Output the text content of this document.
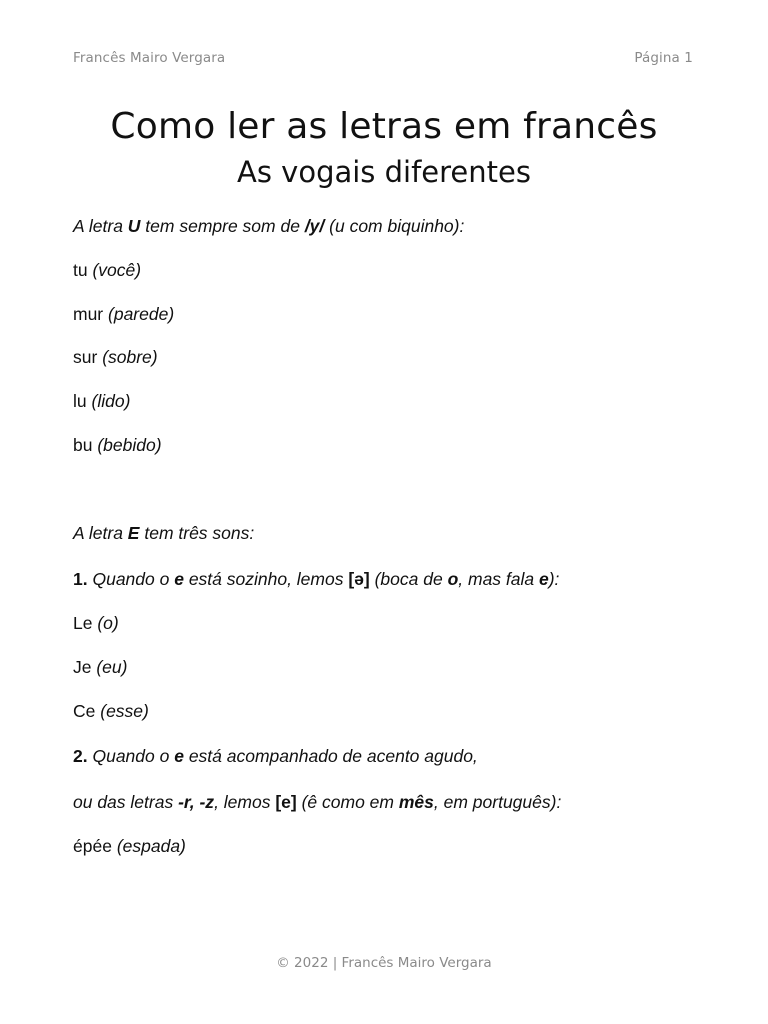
Francês Mairo Vergara	Página 1
Como ler as letras em francês
As vogais diferentes

A letra U tem sempre som de /y/ (u com biquinho):

tu (você)

mur (parede)

sur (sobre)

lu (lido)

bu (bebido)

A letra E tem três sons:

1. Quando o e está sozinho, lemos [ə] (boca de o, mas fala e):

Le (o)

Je (eu)

Ce (esse)

2. Quando o e está acompanhado de acento agudo,

ou das letras -r, -z, lemos [e] (ê como em mês, em português):

épée (espada)

© 2022 | Francês Mairo Vergara
